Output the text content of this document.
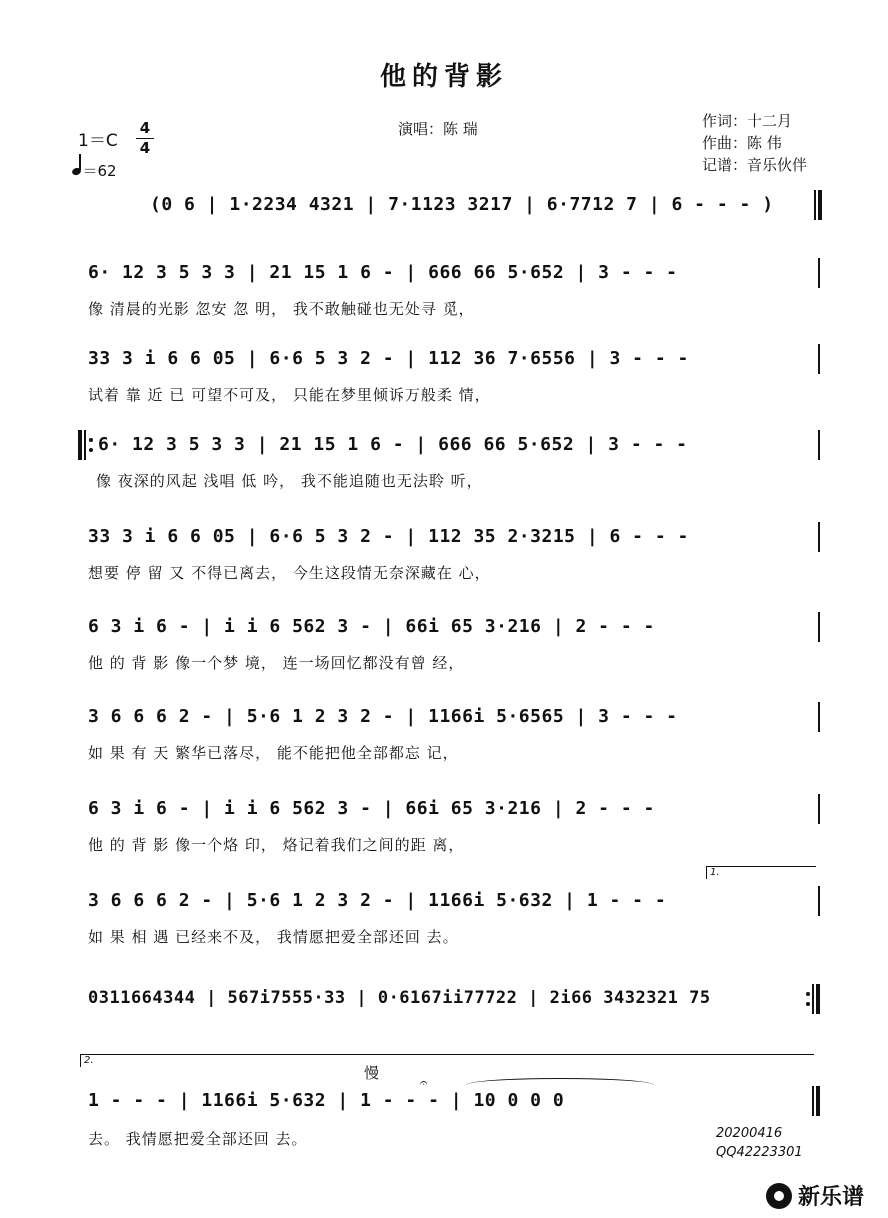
他的背影
演唱：陈 瑞	作词：十二月
作曲：陈 伟
记谱：音乐伙伴
1＝C
4
4
＝62
(0 6 | 1·2234 4321 | 7·1123 3217 | 6·7712 7 | 6 - - - )
6· 12 3 5 3 3 | 21 15 1 6 - | 666 66 5·652 | 3 - - -
像 清晨的光影 忽安 忽 明， 我不敢触碰也无处寻 觅，
33 3 i 6 6 05 | 6·6 5 3 2 - | 112 36 7·6556 | 3 - - -
试着 靠 近 已 可望不可及， 只能在梦里倾诉万般柔 情，
6· 12 3 5 3 3 | 21 15 1 6 - | 666 66 5·652 | 3 - - -
像 夜深的风起 浅唱 低 吟， 我不能追随也无法聆 听，
33 3 i 6 6 05 | 6·6 5 3 2 - | 112 35 2·3215 | 6 - - -
想要 停 留 又 不得已离去， 今生这段情无奈深藏在 心，
6 3 i 6 - | i i 6 562 3 - | 66i 65 3·216 | 2 - - -
他 的 背 影 像一个梦 境， 连一场回忆都没有曾 经，
3 6 6 6 2 - | 5·6 1 2 3 2 - | 1166i 5·6565 | 3 - - -
如 果 有 天 繁华已落尽， 能不能把他全部都忘 记，
6 3 i 6 - | i i 6 562 3 - | 66i 65 3·216 | 2 - - -
他 的 背 影 像一个烙 印， 烙记着我们之间的距 离，
1.
3 6 6 6 2 - | 5·6 1 2 3 2 - | 1166i 5·632 | 1 - - -
如 果 相 遇 已经来不及， 我情愿把爱全部还回 去。
0311664344 | 567i7555·33 | 0·6167ii77722 | 2i66 3432321 75
2.
慢
𝄐
1 - - - | 1166i 5·632 | 1 - - - | 10 0 0 0
去。 我情愿把爱全部还回 去。	20200416
QQ42223301
新乐谱
